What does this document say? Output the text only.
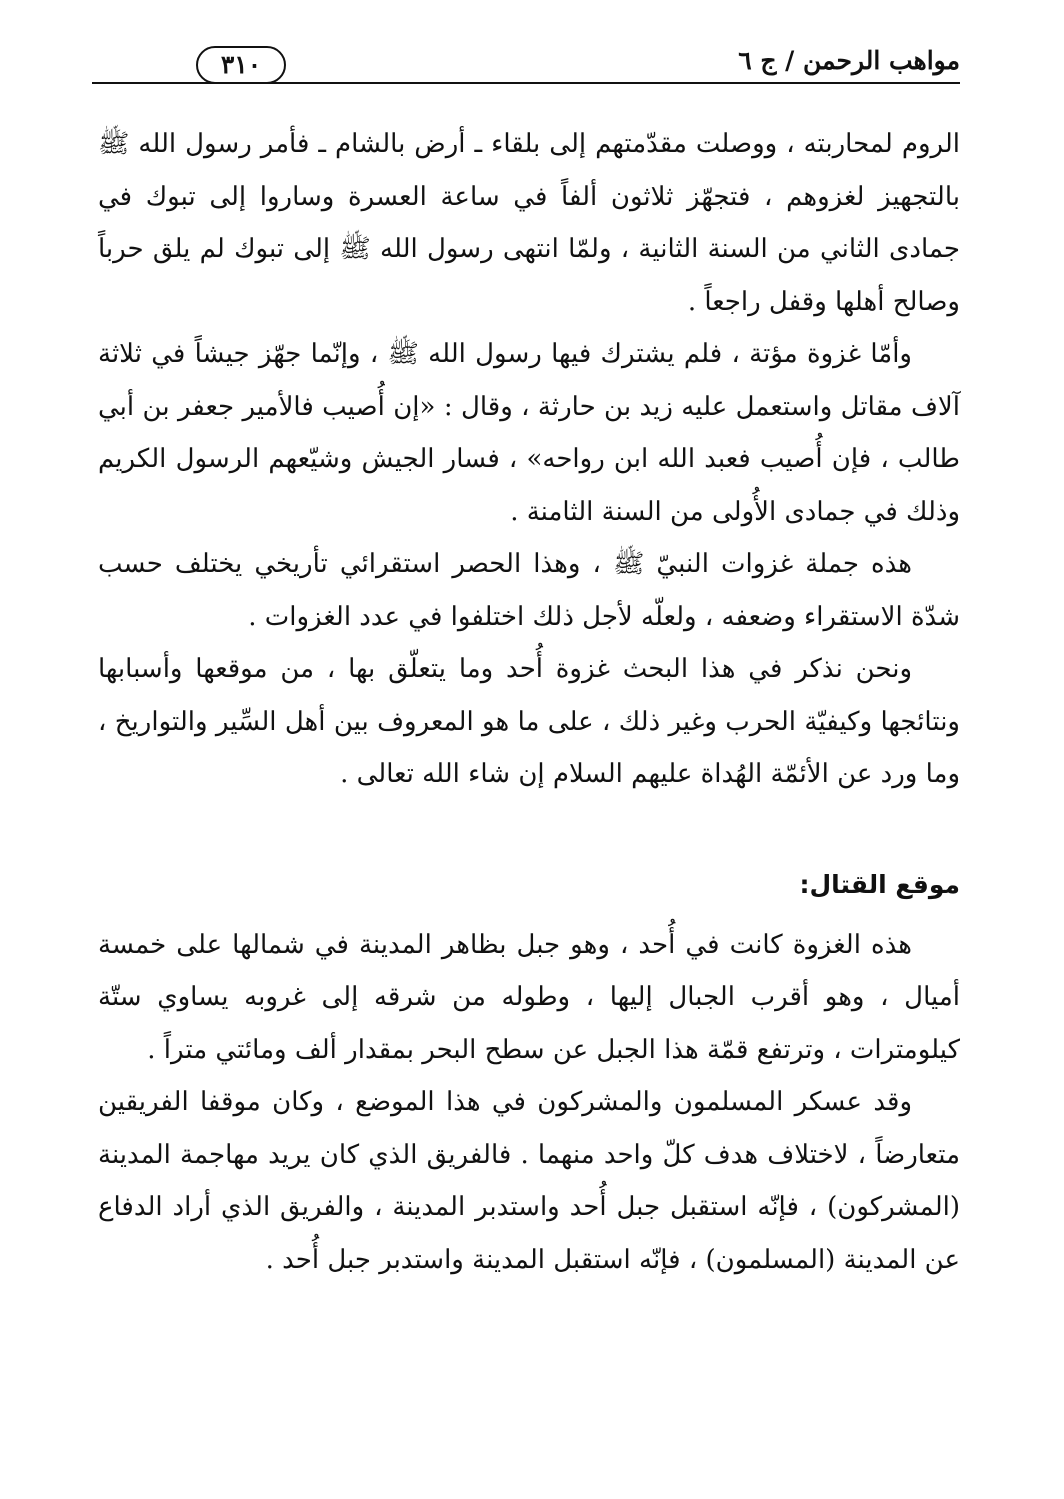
مواهب الرحمن / ج ٦
٣١٠

الروم لمحاربته ، ووصلت مقدّمتهم إلى بلقاء ـ أرض بالشام ـ فأمر رسول الله ﷺ بالتجهيز لغزوهم ، فتجهّز ثلاثون ألفاً في ساعة العسرة وساروا إلى تبوك في جمادى الثاني من السنة الثانية ، ولمّا انتهى رسول الله ﷺ إلى تبوك لم يلق حرباً وصالح أهلها وقفل راجعاً .

وأمّا غزوة مؤتة ، فلم يشترك فيها رسول الله ﷺ ، وإنّما جهّز جيشاً في ثلاثة آلاف مقاتل واستعمل عليه زيد بن حارثة ، وقال : «إن أُصيب فالأمير جعفر بن أبي طالب ، فإن أُصيب فعبد الله ابن رواحه» ، فسار الجيش وشيّعهم الرسول الكريم وذلك في جمادى الأُولى من السنة الثامنة .

هذه جملة غزوات النبيّ ﷺ ، وهذا الحصر استقرائي تأريخي يختلف حسب شدّة الاستقراء وضعفه ، ولعلّه لأجل ذلك اختلفوا في عدد الغزوات .

ونحن نذكر في هذا البحث غزوة أُحد وما يتعلّق بها ، من موقعها وأسبابها ونتائجها وكيفيّة الحرب وغير ذلك ، على ما هو المعروف بين أهل السِّير والتواريخ ، وما ورد عن الأئمّة الهُداة عليهم السلام إن شاء الله تعالى .

موقع القتال:

هذه الغزوة كانت في أُحد ، وهو جبل بظاهر المدينة في شمالها على خمسة أميال ، وهو أقرب الجبال إليها ، وطوله من شرقه إلى غروبه يساوي ستّة كيلومترات ، وترتفع قمّة هذا الجبل عن سطح البحر بمقدار ألف ومائتي متراً .

وقد عسكر المسلمون والمشركون في هذا الموضع ، وكان موقفا الفريقين متعارضاً ، لاختلاف هدف كلّ واحد منهما . فالفريق الذي كان يريد مهاجمة المدينة (المشركون) ، فإنّه استقبل جبل أُحد واستدبر المدينة ، والفريق الذي أراد الدفاع عن المدينة (المسلمون) ، فإنّه استقبل المدينة واستدبر جبل أُحد .
